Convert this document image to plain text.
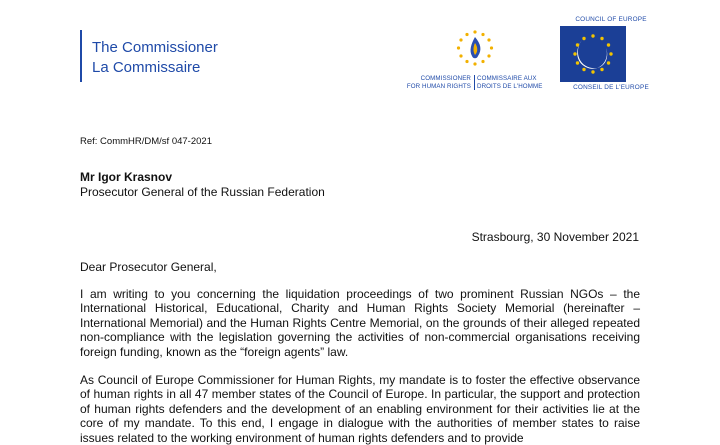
The Commissioner
La Commissaire
COMMISSIONER
FOR HUMAN RIGHTS
COMMISSAIRE AUX
DROITS DE L'HOMME
COUNCIL OF EUROPE
CONSEIL DE L'EUROPE
Ref: CommHR/DM/sf 047-2021
Mr Igor Krasnov
Prosecutor General of the Russian Federation
Strasbourg, 30 November 2021
Dear Prosecutor General,

I am writing to you concerning the liquidation proceedings of two prominent Russian NGOs – the International Historical, Educational, Charity and Human Rights Society Memorial (hereinafter – International Memorial) and the Human Rights Centre Memorial, on the grounds of their alleged repeated non-compliance with the legislation governing the activities of non-commercial organisations receiving foreign funding, known as the “foreign agents” law.

As Council of Europe Commissioner for Human Rights, my mandate is to foster the effective observance of human rights in all 47 member states of the Council of Europe. In particular, the support and protection of human rights defenders and the development of an enabling environment for their activities lie at the core of my mandate. To this end, I engage in dialogue with the authorities of member states to raise issues related to the working environment of human rights defenders and to provide
